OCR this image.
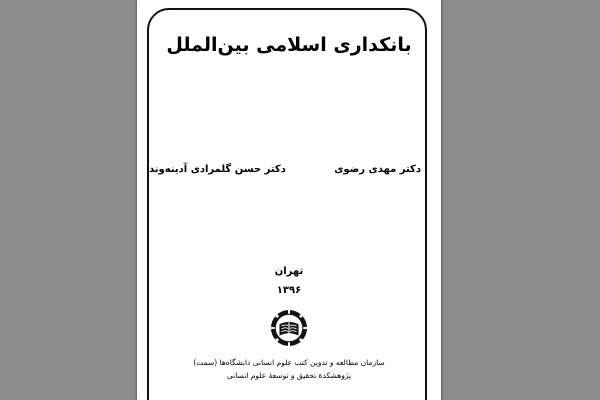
بانکداری اسلامی بین‌الملل
دکتر مهدی رضوی
دکتر حسن گلمرادی آدینه‌وند
تهران
۱۳۹۶
سازمان مطالعه و تدوین کتب علوم انسانی دانشگاه‌ها (سمت)
پژوهشکدهٔ تحقیق و توسعهٔ علوم انسانی
